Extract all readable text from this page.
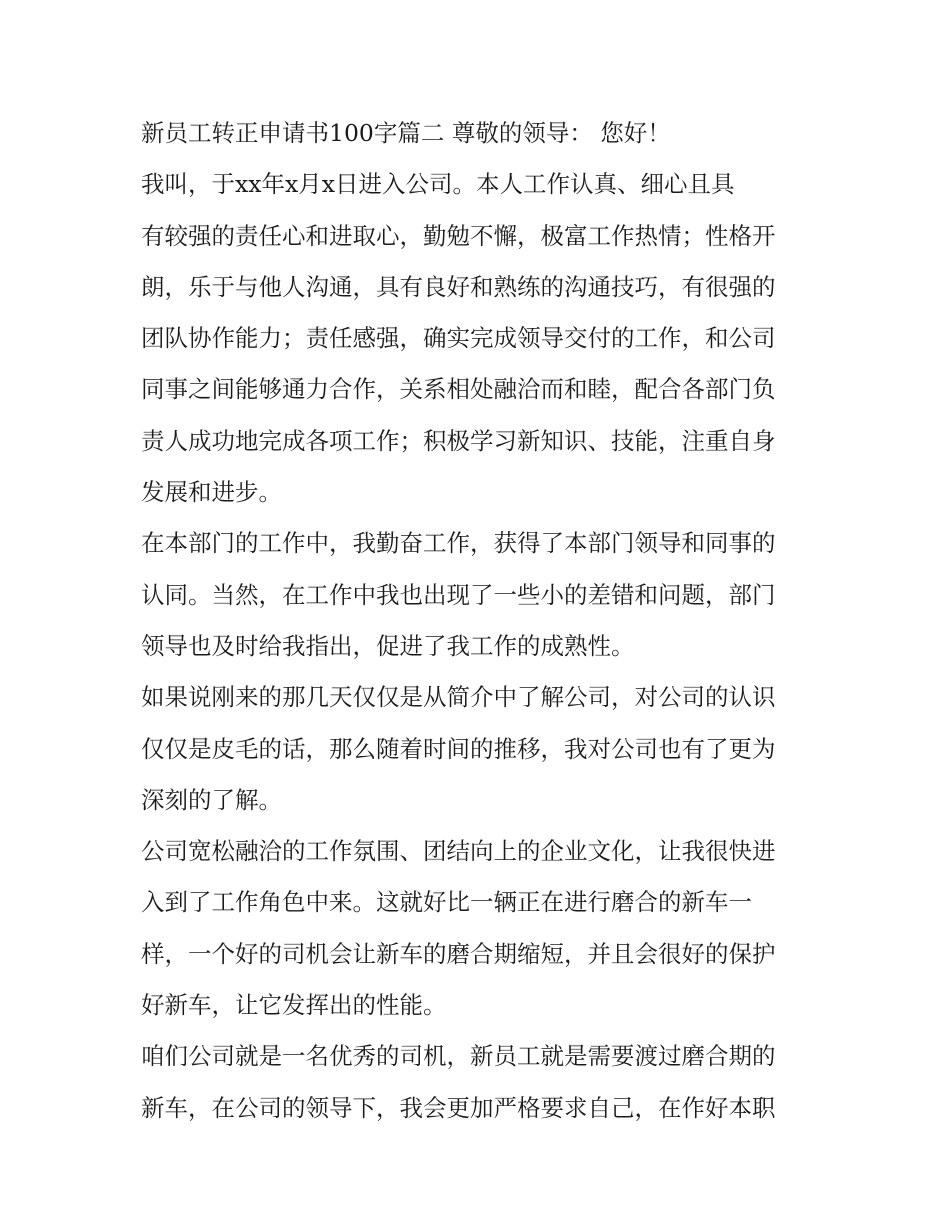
新员工转正申请书100字篇二 尊敬的领导： 您好！
我叫，于xx年x月x日进入公司。本人工作认真、细心且具
有较强的责任心和进取心，勤勉不懈，极富工作热情；性格开
朗，乐于与他人沟通，具有良好和熟练的沟通技巧，有很强的
团队协作能力；责任感强，确实完成领导交付的工作，和公司
同事之间能够通力合作，关系相处融洽而和睦，配合各部门负
责人成功地完成各项工作；积极学习新知识、技能，注重自身
发展和进步。
在本部门的工作中，我勤奋工作，获得了本部门领导和同事的
认同。当然，在工作中我也出现了一些小的差错和问题，部门
领导也及时给我指出，促进了我工作的成熟性。
如果说刚来的那几天仅仅是从简介中了解公司，对公司的认识
仅仅是皮毛的话，那么随着时间的推移，我对公司也有了更为
深刻的了解。
公司宽松融洽的工作氛围、团结向上的企业文化，让我很快进
入到了工作角色中来。这就好比一辆正在进行磨合的新车一
样，一个好的司机会让新车的磨合期缩短，并且会很好的保护
好新车，让它发挥出的性能。
咱们公司就是一名优秀的司机，新员工就是需要渡过磨合期的
新车，在公司的领导下，我会更加严格要求自己，在作好本职
